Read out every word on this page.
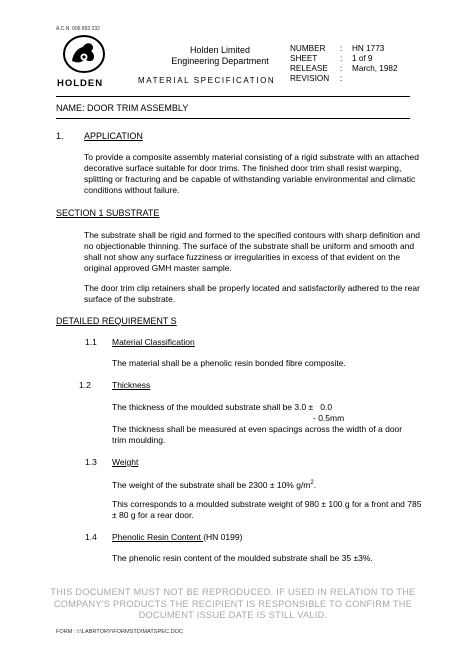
A.C.N. 006 893 232
HOLDEN
Holden Limited
Engineering Department
MATERIAL SPECIFICATION
NUMBER	:	HN 1773
SHEET	:	1 of 9
RELEASE	:	March, 1982
REVISION	:
NAME: DOOR TRIM ASSEMBLY
1. APPLICATION
To provide a composite assembly material consisting of a rigid substrate with an attached decorative surface suitable for door trims. The finished door trim shall resist warping, splitting or fracturing and be capable of withstanding variable environmental and climatic conditions without failure.
SECTION 1 SUBSTRATE
The substrate shall be rigid and formed to the specified contours with sharp definition and no objectionable thinning. The surface of the substrate shall be uniform and smooth and shall not show any surface fuzziness or irregularities in excess of that evident on the original approved GMH master sample.
The door trim clip retainers shall be properly located and satisfactorily adhered to the rear surface of the substrate.
DETAILED REQUIREMENT S
1.1 Material Classification
The material shall be a phenolic resin bonded fibre composite.
1.2 Thickness
The thickness of the moulded substrate shall be 3.0 ±   0.0
- 0.5mm
The thickness shall be measured at even spacings across the width of a door trim moulding.
1.3 Weight
The weight of the substrate shall be 2300 ± 10% $g/m^2$.
This corresponds to a moulded substrate weight of 980 ± 100 g for a front and 785 ± 80 g for a rear door.
1.4 Phenolic Resin Content (HN 0199)
The phenolic resin content of the moulded substrate shall be 35 ±3%.
THIS DOCUMENT MUST NOT BE REPRODUCED. IF USED IN RELATION TO THE COMPANY'S PRODUCTS THE RECIPIENT IS RESPONSIBLE TO CONFIRM THE DOCUMENT ISSUE DATE IS STILL VALID.
FORM : I:\LABRTORY\FORMSTD\MATSPEC.DOC
